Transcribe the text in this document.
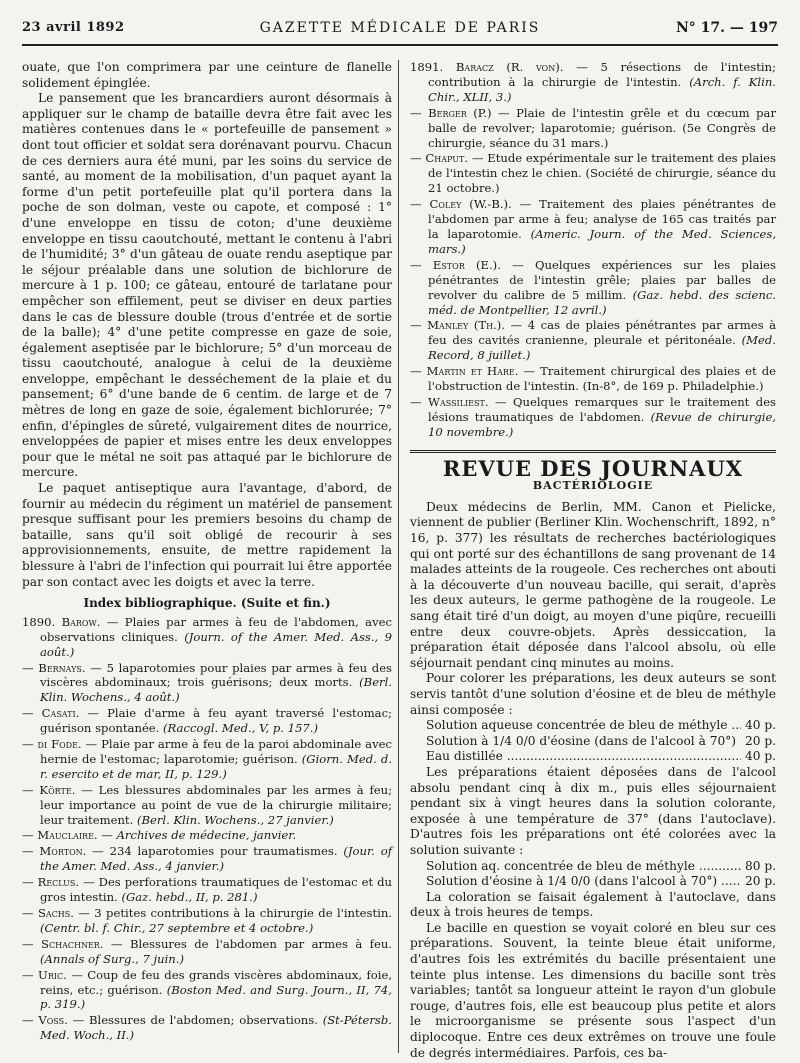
23 avril 1892	GAZETTE MÉDICALE DE PARIS	N° 17. — 197

ouate, que l'on comprimera par une ceinture de flanelle solidement épinglée.

Le pansement que les brancardiers auront désormais à appliquer sur le champ de bataille devra être fait avec les matières contenues dans le « portefeuille de pansement » dont tout officier et soldat sera dorénavant pourvu. Chacun de ces derniers aura été muni, par les soins du service de santé, au moment de la mobilisation, d'un paquet ayant la forme d'un petit portefeuille plat qu'il portera dans la poche de son dolman, veste ou capote, et composé : 1° d'une enveloppe en tissu de coton; d'une deuxième enveloppe en tissu caoutchouté, mettant le contenu à l'abri de l'humidité; 3° d'un gâteau de ouate rendu aseptique par le séjour préalable dans une solution de bichlorure de mercure à 1 p. 100; ce gâteau, entouré de tarlatane pour empêcher son effilement, peut se diviser en deux parties dans le cas de blessure double (trous d'entrée et de sortie de la balle); 4° d'une petite compresse en gaze de soie, également aseptisée par le bichlorure; 5° d'un morceau de tissu caoutchouté, analogue à celui de la deuxième enveloppe, empêchant le desséchement de la plaie et du pansement; 6° d'une bande de 6 centim. de large et de 7 mètres de long en gaze de soie, également bichlorurée; 7° enfin, d'épingles de sûreté, vulgairement dites de nourrice, enveloppées de papier et mises entre les deux enveloppes pour que le métal ne soit pas attaqué par le bichlorure de mercure.

Le paquet antiseptique aura l'avantage, d'abord, de fournir au médecin du régiment un matériel de pansement presque suffisant pour les premiers besoins du champ de bataille, sans qu'il soit obligé de recourir à ses approvisionnements, ensuite, de mettre rapidement la blessure à l'abri de l'infection qui pourrait lui être apportée par son contact avec les doigts et avec la terre.

Index bibliographique. (Suite et fin.)

1890. Barow. — Plaies par armes à feu de l'abdomen, avec observations cliniques. (Journ. of the Amer. Med. Ass., 9 août.)

— Bernays. — 5 laparotomies pour plaies par armes à feu des viscères abdominaux; trois guérisons; deux morts. (Berl. Klin. Wochens., 4 août.)

— Casati. — Plaie d'arme à feu ayant traversé l'estomac; guérison spontanée. (Raccogl. Med., V, p. 157.)

— di Fode. — Plaie par arme à feu de la paroi abdominale avec hernie de l'estomac; laparotomie; guérison. (Giorn. Med. d. r. esercito et de mar, II, p. 129.)

— Körte. — Les blessures abdominales par les armes à feu; leur importance au point de vue de la chirurgie militaire; leur traitement. (Berl. Klin. Wochens., 27 janvier.)

— Mauclaire. — Archives de médecine, janvier.

— Morton. — 234 laparotomies pour traumatismes. (Jour. of the Amer. Med. Ass., 4 janvier.)

— Reclus. — Des perforations traumatiques de l'estomac et du gros intestin. (Gaz. hebd., II, p. 281.)

— Sachs. — 3 petites contributions à la chirurgie de l'intestin. (Centr. bl. f. Chir., 27 septembre et 4 octobre.)

— Schachner. — Blessures de l'abdomen par armes à feu. (Annals of Surg., 7 juin.)

— Uric. — Coup de feu des grands viscères abdominaux, foie, reins, etc.; guérison. (Boston Med. and Surg. Journ., II, 74, p. 319.)

— Voss. — Blessures de l'abdomen; observations. (St-Pétersb. Med. Woch., II.)

1891. Baracz (R. von). — 5 résections de l'intestin; contribution à la chirurgie de l'intestin. (Arch. f. Klin. Chir., XLII, 3.)

— Berger (P.) — Plaie de l'intestin grêle et du cœcum par balle de revolver; laparotomie; guérison. (5e Congrès de chirurgie, séance du 31 mars.)

— Chaput. — Etude expérimentale sur le traitement des plaies de l'intestin chez le chien. (Société de chirurgie, séance du 21 octobre.)

— Coley (W.-B.). — Traitement des plaies pénétrantes de l'abdomen par arme à feu; analyse de 165 cas traités par la laparotomie. (Americ. Journ. of the Med. Sciences, mars.)

— Estor (E.). — Quelques expériences sur les plaies pénétrantes de l'intestin grêle; plaies par balles de revolver du calibre de 5 millim. (Gaz. hebd. des scienc. méd. de Montpellier, 12 avril.)

— Manley (Th.). — 4 cas de plaies pénétrantes par armes à feu des cavités cranienne, pleurale et péritonéale. (Med. Record, 8 juillet.)

— Martin et Hare. — Traitement chirurgical des plaies et de l'obstruction de l'intestin. (In-8°, de 169 p. Philadelphie.)

— Wassiliest. — Quelques remarques sur le traitement des lésions traumatiques de l'abdomen. (Revue de chirurgie, 10 novembre.)

REVUE DES JOURNAUX
BACTÉRIOLOGIE

Deux médecins de Berlin, MM. Canon et Pielicke, viennent de publier (Berliner Klin. Wochenschrift, 1892, n° 16, p. 377) les résultats de recherches bactériologiques qui ont porté sur des échantillons de sang provenant de 14 malades atteints de la rougeole. Ces recherches ont abouti à la découverte d'un nouveau bacille, qui serait, d'après les deux auteurs, le germe pathogène de la rougeole. Le sang était tiré d'un doigt, au moyen d'une piqûre, recueilli entre deux couvre-objets. Après dessiccation, la préparation était déposée dans l'alcool absolu, où elle séjournait pendant cinq minutes au moins.

Pour colorer les préparations, les deux auteurs se sont servis tantôt d'une solution d'éosine et de bleu de méthyle ainsi composée :

Solution aqueuse concentrée de bleu de méthyle .....	40 p.
Solution à 1/4 0/0 d'éosine (dans de l'alcool à 70°) ..... 20 p.
Eau distillée .....	40 p.

Les préparations étaient déposées dans de l'alcool absolu pendant cinq à dix m., puis elles séjournaient pendant six à vingt heures dans la solution colorante, exposée à une température de 37° (dans l'autoclave). D'autres fois les préparations ont été colorées avec la solution suivante :

Solution aq. concentrée de bleu de méthyle .....	80 p.
Solution d'éosine à 1/4 0/0 (dans l'alcool à 70°) .....	20 p.

La coloration se faisait également à l'autoclave, dans deux à trois heures de temps.

Le bacille en question se voyait coloré en bleu sur ces préparations. Souvent, la teinte bleue était uniforme, d'autres fois les extrémités du bacille présentaient une teinte plus intense. Les dimensions du bacille sont très variables; tantôt sa longueur atteint le rayon d'un globule rouge, d'autres fois, elle est beaucoup plus petite et alors le microorganisme se présente sous l'aspect d'un diplocoque. Entre ces deux extrêmes on trouve une foule de degrés intermédiaires. Parfois, ces ba-
